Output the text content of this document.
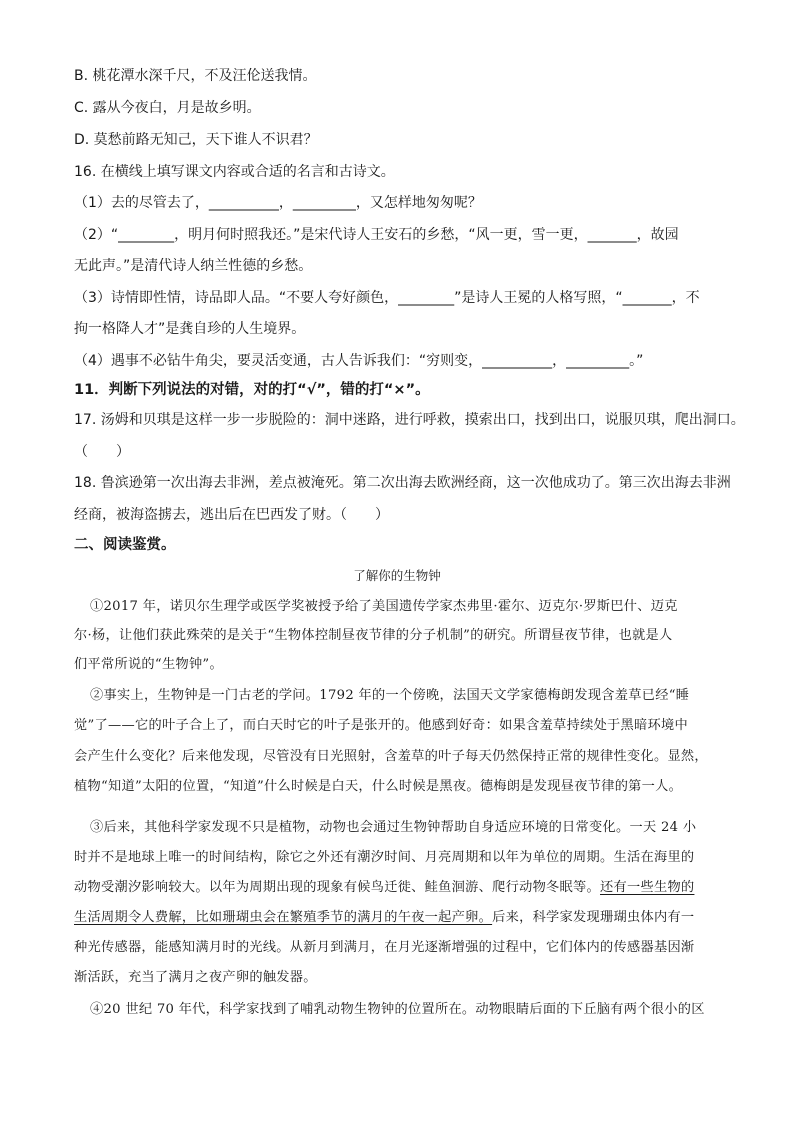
B. 桃花潭水深千尺，不及汪伦送我情。
C. 露从今夜白，月是故乡明。
D. 莫愁前路无知己，天下谁人不识君？
16. 在横线上填写课文内容或合适的名言和古诗文。
（1）去的尽管去了，__________，_________，又怎样地匆匆呢？
（2）“________，明月何时照我还。”是宋代诗人王安石的乡愁，“风一更，雪一更，_______，故园
无此声。”是清代诗人纳兰性德的乡愁。
（3）诗情即性情，诗品即人品。“不要人夸好颜色，________”是诗人王冕的人格写照，“_______，不
拘一格降人才”是龚自珍的人生境界。
（4）遇事不必钻牛角尖，要灵活变通，古人告诉我们：“穷则变，__________，_________。”
11．判断下列说法的对错，对的打“√”，错的打“×”。
17. 汤姆和贝琪是这样一步一步脱险的：洞中迷路，进行呼救，摸索出口，找到出口，说服贝琪，爬出洞口。
（　　）
18. 鲁滨逊第一次出海去非洲，差点被淹死。第二次出海去欧洲经商，这一次他成功了。第三次出海去非洲
经商，被海盗掳去，逃出后在巴西发了财。（　　）
二、阅读鉴赏。
了解你的生物钟
①2017 年，诺贝尔生理学或医学奖被授予给了美国遗传学家杰弗里·霍尔、迈克尔·罗斯巴什、迈克
尔·杨，让他们获此殊荣的是关于“生物体控制昼夜节律的分子机制”的研究。所谓昼夜节律，也就是人
们平常所说的“生物钟”。
②事实上，生物钟是一门古老的学问。1792 年的一个傍晚，法国天文学家德梅朗发现含羞草已经“睡
觉”了——它的叶子合上了，而白天时它的叶子是张开的。他感到好奇：如果含羞草持续处于黑暗环境中
会产生什么变化？后来他发现，尽管没有日光照射，含羞草的叶子每天仍然保持正常的规律性变化。显然，
植物“知道”太阳的位置，“知道”什么时候是白天，什么时候是黑夜。德梅朗是发现昼夜节律的第一人。
③后来，其他科学家发现不只是植物，动物也会通过生物钟帮助自身适应环境的日常变化。一天 24 小
时并不是地球上唯一的时间结构，除它之外还有潮汐时间、月亮周期和以年为单位的周期。生活在海里的
动物受潮汐影响较大。以年为周期出现的现象有候鸟迁徙、鲑鱼洄游、爬行动物冬眠等。还有一些生物的
生活周期令人费解，比如珊瑚虫会在繁殖季节的满月的午夜一起产卵。后来，科学家发现珊瑚虫体内有一
种光传感器，能感知满月时的光线。从新月到满月，在月光逐渐增强的过程中，它们体内的传感器基因渐
渐活跃，充当了满月之夜产卵的触发器。
④20 世纪 70 年代，科学家找到了哺乳动物生物钟的位置所在。动物眼睛后面的下丘脑有两个很小的区
